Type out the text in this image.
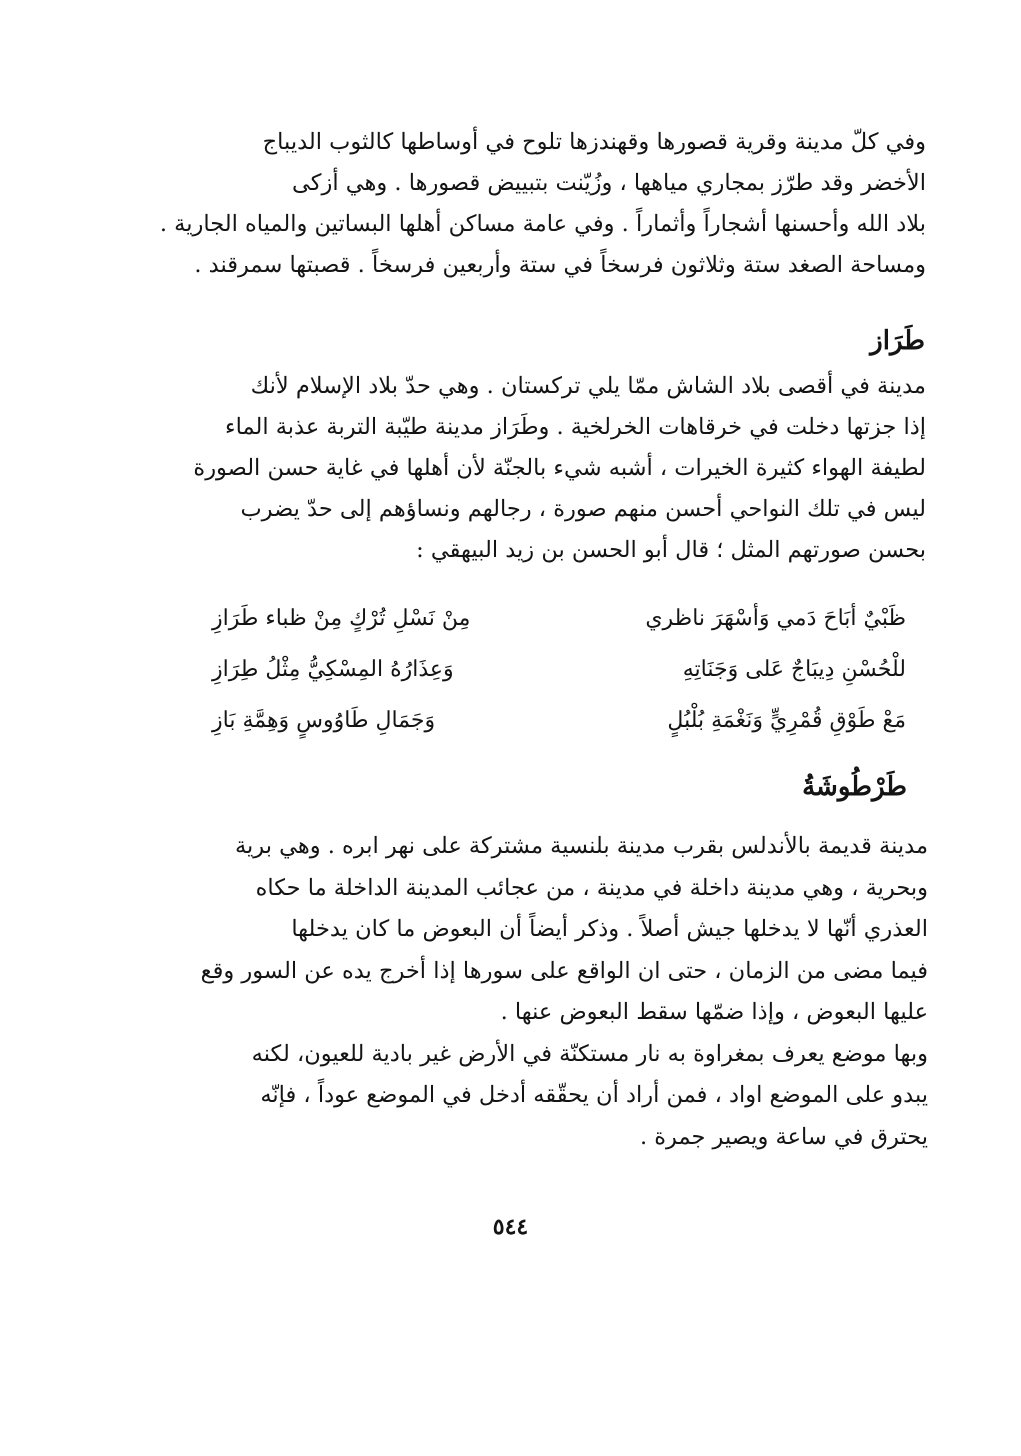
وفي كلّ مدينة وقرية قصورها وقهندزها تلوح في أوساطها كالثوب الديباج
الأخضر وقد طرّز بمجاري مياهها ، وزُيّنت بتبييض قصورها . وهي أزكى
بلاد الله وأحسنها أشجاراً وأثماراً . وفي عامة مساكن أهلها البساتين والمياه الجارية .
ومساحة الصغد ستة وثلاثون فرسخاً في ستة وأربعين فرسخاً . قصبتها سمرقند .
طَرَاز
مدينة في أقصى بلاد الشاش ممّا يلي تركستان . وهي حدّ بلاد الإسلام لأنك
إذا جزتها دخلت في خرقاهات الخرلخية . وطَرَاز مدينة طيّبة التربة عذبة الماء
لطيفة الهواء كثيرة الخيرات ، أشبه شيء بالجنّة لأن أهلها في غاية حسن الصورة
ليس في تلك النواحي أحسن منهم صورة ، رجالهم ونساؤهم إلى حدّ يضرب
بحسن صورتهم المثل ؛ قال أبو الحسن بن زيد البيهقي :
ظَبْيٌ أبَاحَ دَمي وَأسْهَرَ ناظري
مِنْ نَسْلِ تُرْكٍ مِنْ ظباء طَرَازِ
للْحُسْنِ دِيبَاجٌ عَلى وَجَنَاتِهِ
وَعِذَارُهُ المِسْكِيُّ مِثْلُ طِرَازِ
مَعْ طَوْقِ قُمْرِيٍّ وَنَغْمَةِ بُلْبُلٍ
وَجَمَالِ طَاوُوسٍ وَهِمَّةِ بَازِ
طَرْطُوشَةُ
مدينة قديمة بالأندلس بقرب مدينة بلنسية مشتركة على نهر ابره . وهي برية
وبحرية ، وهي مدينة داخلة في مدينة ، من عجائب المدينة الداخلة ما حكاه
العذري أنّها لا يدخلها جيش أصلاً . وذكر أيضاً أن البعوض ما كان يدخلها
فيما مضى من الزمان ، حتى ان الواقع على سورها إذا أخرج يده عن السور وقع
عليها البعوض ، وإذا ضمّها سقط البعوض عنها .
وبها موضع يعرف بمغراوة به نار مستكنّة في الأرض غير بادية للعيون، لكنه
يبدو على الموضع اواد ، فمن أراد أن يحقّقه أدخل في الموضع عوداً ، فإنّه
يحترق في ساعة ويصير جمرة .
٥٤٤
